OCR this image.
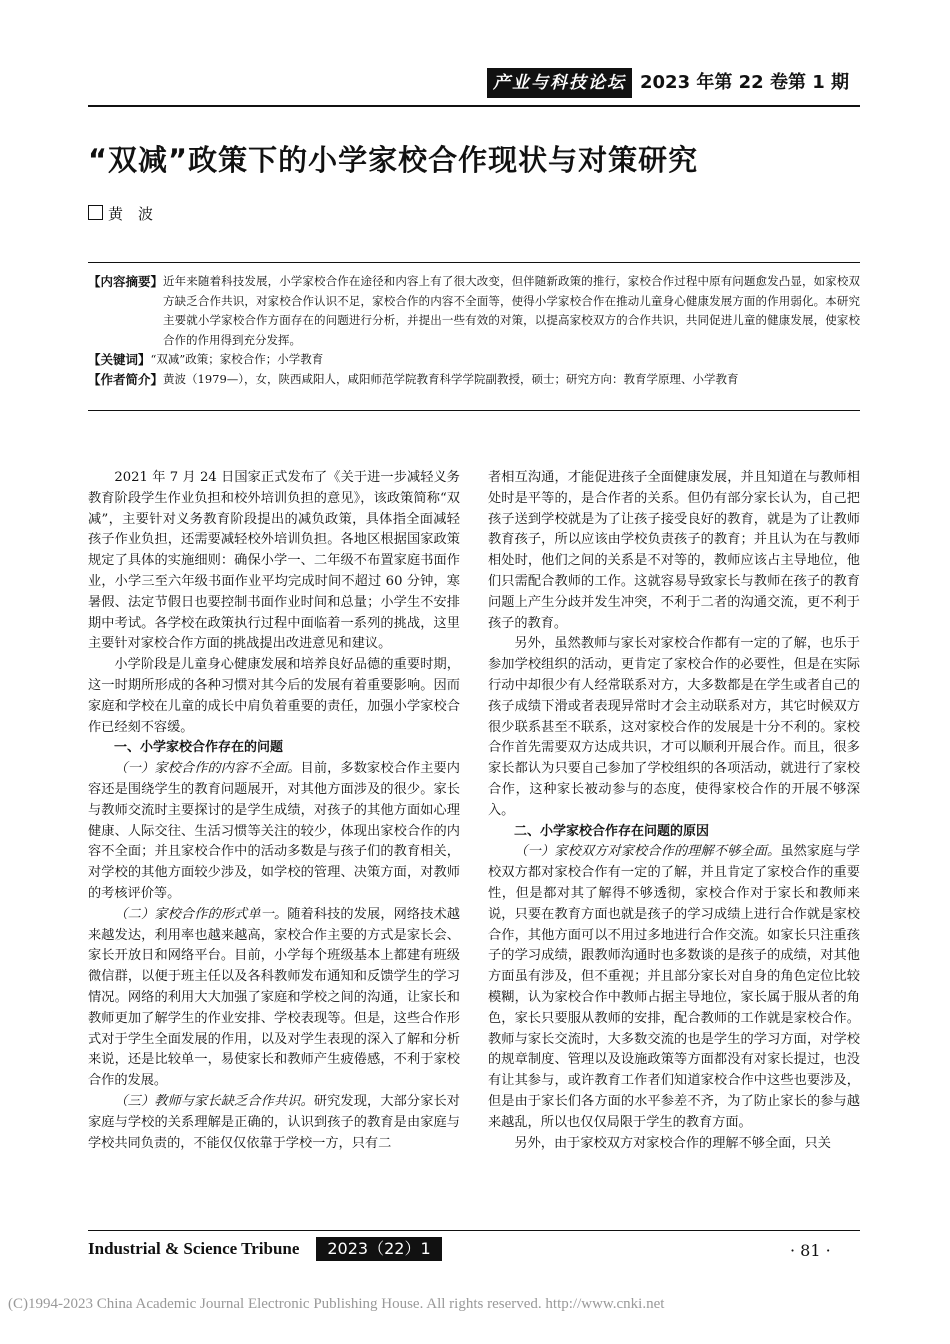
产业与科技论坛 2023 年第 22 卷第 1 期
“双减”政策下的小学家校合作现状与对策研究
黄　波
【内容摘要】 近年来随着科技发展，小学家校合作在途径和内容上有了很大改变，但伴随新政策的推行，家校合作过程中原有问题愈发凸显，如家校双方缺乏合作共识，对家校合作认识不足，家校合作的内容不全面等，使得小学家校合作在推动儿童身心健康发展方面的作用弱化。本研究主要就小学家校合作方面存在的问题进行分析，并提出一些有效的对策，以提高家校双方的合作共识，共同促进儿童的健康发展，使家校合作的作用得到充分发挥。
【关键词】 “双减”政策；家校合作；小学教育
【作者简介】 黄波（1979—），女，陕西咸阳人，咸阳师范学院教育科学学院副教授，硕士；研究方向：教育学原理、小学教育

2021 年 7 月 24 日国家正式发布了《关于进一步减轻义务教育阶段学生作业负担和校外培训负担的意见》，该政策简称“双减”，主要针对义务教育阶段提出的减负政策，具体指全面减轻孩子作业负担，还需要减轻校外培训负担。各地区根据国家政策规定了具体的实施细则：确保小学一、二年级不布置家庭书面作业，小学三至六年级书面作业平均完成时间不超过 60 分钟，寒暑假、法定节假日也要控制书面作业时间和总量；小学生不安排期中考试。各学校在政策执行过程中面临着一系列的挑战，这里主要针对家校合作方面的挑战提出改进意见和建议。

小学阶段是儿童身心健康发展和培养良好品德的重要时期，这一时期所形成的各种习惯对其今后的发展有着重要影响。因而家庭和学校在儿童的成长中肩负着重要的责任，加强小学家校合作已经刻不容缓。

一、小学家校合作存在的问题

（一）家校合作的内容不全面。目前，多数家校合作主要内容还是围绕学生的教育问题展开，对其他方面涉及的很少。家长与教师交流时主要探讨的是学生成绩，对孩子的其他方面如心理健康、人际交往、生活习惯等关注的较少，体现出家校合作的内容不全面；并且家校合作中的活动多数是与孩子们的教育相关，对学校的其他方面较少涉及，如学校的管理、决策方面，对教师的考核评价等。

（二）家校合作的形式单一。随着科技的发展，网络技术越来越发达，利用率也越来越高，家校合作主要的方式是家长会、家长开放日和网络平台。目前，小学每个班级基本上都建有班级微信群，以便于班主任以及各科教师发布通知和反馈学生的学习情况。网络的利用大大加强了家庭和学校之间的沟通，让家长和教师更加了解学生的作业安排、学校表现等。但是，这些合作形式对于学生全面发展的作用，以及对学生表现的深入了解和分析来说，还是比较单一，易使家长和教师产生疲倦感，不利于家校合作的发展。

（三）教师与家长缺乏合作共识。研究发现，大部分家长对家庭与学校的关系理解是正确的，认识到孩子的教育是由家庭与学校共同负责的，不能仅仅依靠于学校一方，只有二

者相互沟通，才能促进孩子全面健康发展，并且知道在与教师相处时是平等的，是合作者的关系。但仍有部分家长认为，自己把孩子送到学校就是为了让孩子接受良好的教育，就是为了让教师教育孩子，所以应该由学校负责孩子的教育；并且认为在与教师相处时，他们之间的关系是不对等的，教师应该占主导地位，他们只需配合教师的工作。这就容易导致家长与教师在孩子的教育问题上产生分歧并发生冲突，不利于二者的沟通交流，更不利于孩子的教育。

另外，虽然教师与家长对家校合作都有一定的了解，也乐于参加学校组织的活动，更肯定了家校合作的必要性，但是在实际行动中却很少有人经常联系对方，大多数都是在学生或者自己的孩子成绩下滑或者表现异常时才会主动联系对方，其它时候双方很少联系甚至不联系，这对家校合作的发展是十分不利的。家校合作首先需要双方达成共识，才可以顺利开展合作。而且，很多家长都认为只要自己参加了学校组织的各项活动，就进行了家校合作，这种家长被动参与的态度，使得家校合作的开展不够深入。

二、小学家校合作存在问题的原因

（一）家校双方对家校合作的理解不够全面。虽然家庭与学校双方都对家校合作有一定的了解，并且肯定了家校合作的重要性，但是都对其了解得不够透彻，家校合作对于家长和教师来说，只要在教育方面也就是孩子的学习成绩上进行合作就是家校合作，其他方面可以不用过多地进行合作交流。如家长只注重孩子的学习成绩，跟教师沟通时也多数谈的是孩子的成绩，对其他方面虽有涉及，但不重视；并且部分家长对自身的角色定位比较模糊，认为家校合作中教师占据主导地位，家长属于服从者的角色，家长只要服从教师的安排，配合教师的工作就是家校合作。教师与家长交流时，大多数交流的也是学生的学习方面，对学校的规章制度、管理以及设施政策等方面都没有对家长提过，也没有让其参与，或许教育工作者们知道家校合作中这些也要涉及，但是由于家长们各方面的水平参差不齐，为了防止家长的参与越来越乱，所以也仅仅局限于学生的教育方面。

另外，由于家校双方对家校合作的理解不够全面，只关

Industrial & Science Tribune	2023（22）1	· 81 ·
(C)1994-2023 China Academic Journal Electronic Publishing House. All rights reserved. http://www.cnki.net
